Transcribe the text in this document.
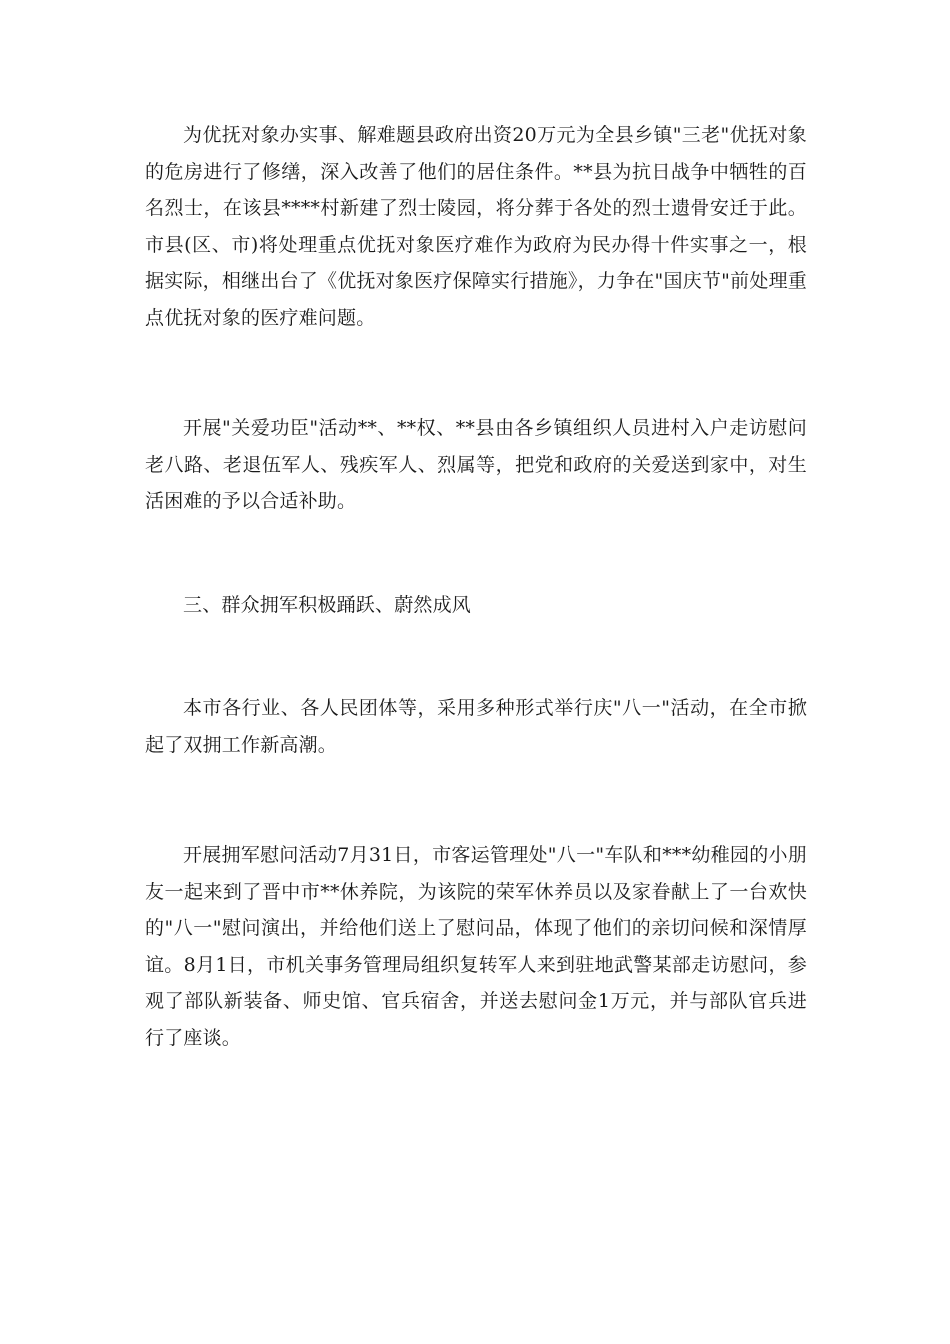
为优抚对象办实事、解难题县政府出资20万元为全县乡镇"三老"优抚对象的危房进行了修缮，深入改善了他们的居住条件。**县为抗日战争中牺牲的百名烈士，在该县****村新建了烈士陵园，将分葬于各处的烈士遗骨安迁于此。市县(区、市)将处理重点优抚对象医疗难作为政府为民办得十件实事之一，根据实际，相继出台了《优抚对象医疗保障实行措施》，力争在"国庆节"前处理重点优抚对象的医疗难问题。

开展"关爱功臣"活动**、**权、**县由各乡镇组织人员进村入户走访慰问老八路、老退伍军人、残疾军人、烈属等，把党和政府的关爱送到家中，对生活困难的予以合适补助。

三、群众拥军积极踊跃、蔚然成风

本市各行业、各人民团体等，采用多种形式举行庆"八一"活动，在全市掀起了双拥工作新高潮。

开展拥军慰问活动7月31日，市客运管理处"八一"车队和***幼稚园的小朋友一起来到了晋中市**休养院，为该院的荣军休养员以及家眷献上了一台欢快的"八一"慰问演出，并给他们送上了慰问品，体现了他们的亲切问候和深情厚谊。8月1日，市机关事务管理局组织复转军人来到驻地武警某部走访慰问，参观了部队新装备、师史馆、官兵宿舍，并送去慰问金1万元，并与部队官兵进行了座谈。
